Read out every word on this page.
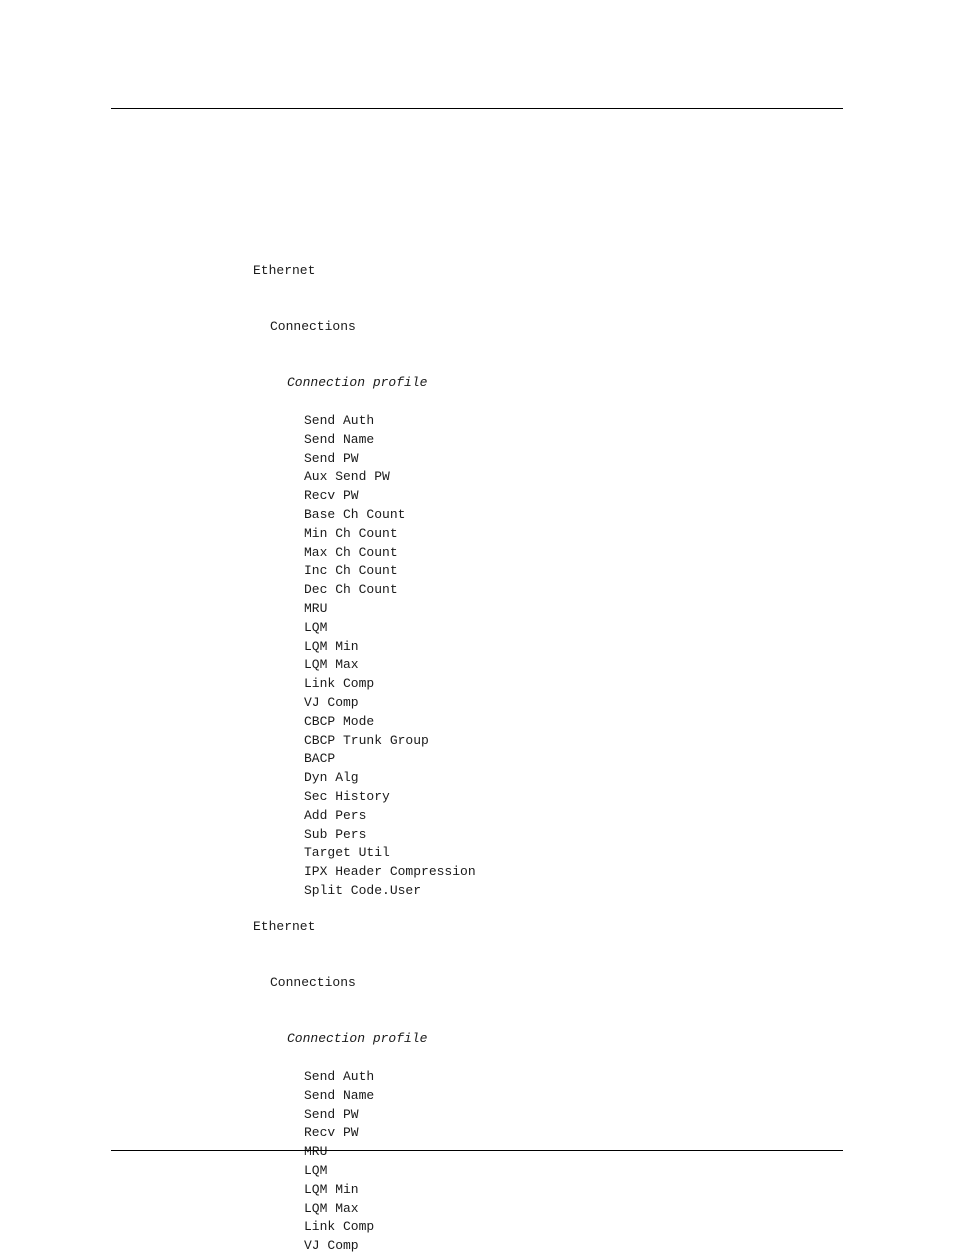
Ethernet

Connections

Connection profile

Send Auth
Send Name
Send PW
Aux Send PW
Recv PW
Base Ch Count
Min Ch Count
Max Ch Count
Inc Ch Count
Dec Ch Count
MRU
LQM
LQM Min
LQM Max
Link Comp
VJ Comp
CBCP Mode
CBCP Trunk Group
BACP
Dyn Alg
Sec History
Add Pers
Sub Pers
Target Util
IPX Header Compression
Split Code.User

Ethernet

Connections

Connection profile

Send Auth
Send Name
Send PW
Recv PW
MRU
LQM
LQM Min
LQM Max
Link Comp
VJ Comp
